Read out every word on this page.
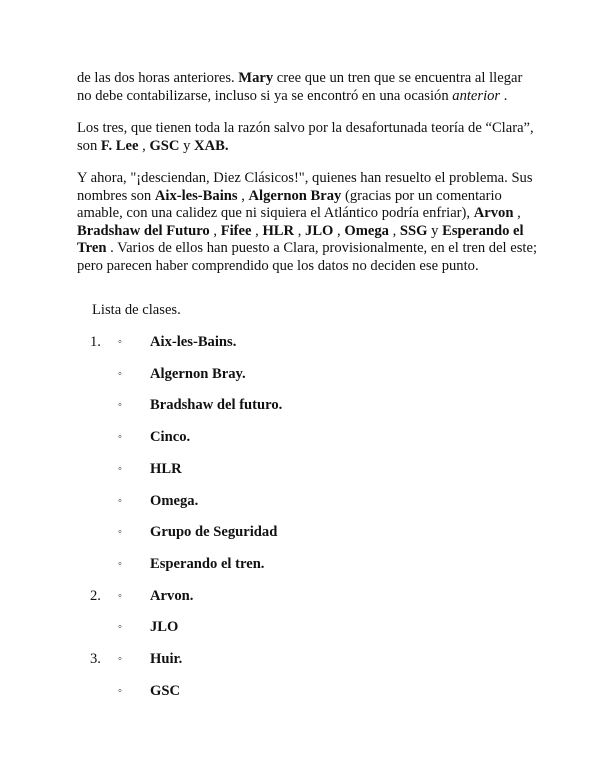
de las dos horas anteriores. Mary cree que un tren que se encuentra al llegar no debe contabilizarse, incluso si ya se encontró en una ocasión anterior .

Los tres, que tienen toda la razón salvo por la desafortunada teoría de “Clara”, son F. Lee , GSC y XAB.

Y ahora, "¡desciendan, Diez Clásicos!", quienes han resuelto el problema. Sus nombres son Aix-les-Bains , Algernon Bray (gracias por un comentario amable, con una calidez que ni siquiera el Atlántico podría enfriar), Arvon , Bradshaw del Futuro , Fifee , HLR , JLO , Omega , SSG y Esperando el Tren . Varios de ellos han puesto a Clara, provisionalmente, en el tren del este; pero parecen haber comprendido que los datos no deciden ese punto.

Lista de clases.
1. ◦ Aix-les-Bains.
◦ Algernon Bray.
◦ Bradshaw del futuro.
◦ Cinco.
◦ HLR
◦ Omega.
◦ Grupo de Seguridad
◦ Esperando el tren.
2. ◦ Arvon.
◦ JLO
3. ◦ Huir.
◦ GSC
